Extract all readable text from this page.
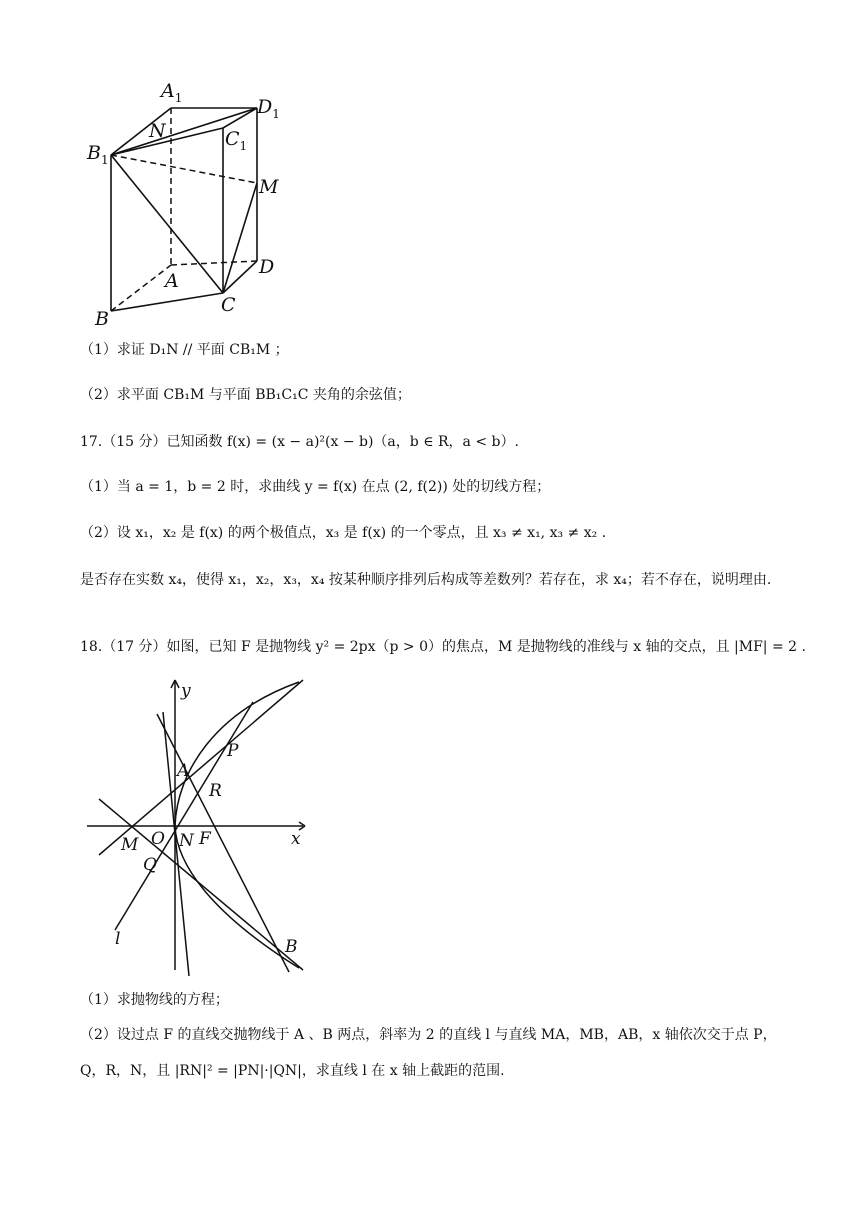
$A_1$	$D_1$
$B_1$
$C_1$
N
M
A
D
B
C
（1）求证 D₁N // 平面 CB₁M ；
（2）求平面 CB₁M 与平面 BB₁C₁C 夹角的余弦值；
17.（15 分）已知函数 f(x) = (x − a)²(x − b)（a，b ∈ R，a < b）.
（1）当 a = 1，b = 2 时，求曲线 y = f(x) 在点 (2, f(2)) 处的切线方程；
（2）设 x₁，x₂ 是 f(x) 的两个极值点，x₃ 是 f(x) 的一个零点，且 x₃ ≠ x₁, x₃ ≠ x₂ .
是否存在实数 x₄，使得 x₁，x₂，x₃，x₄ 按某种顺序排列后构成等差数列？若存在，求 x₄；若不存在，说明理由.
18.（17 分）如图，已知 F 是抛物线 y² = 2px（p > 0）的焦点，M 是抛物线的准线与 x 轴的交点，且 |MF| = 2 .
y
x
A
P
R
O N F
M
Q
l	B
（1）求抛物线的方程；
（2）设过点 F 的直线交抛物线于 A 、B 两点，斜率为 2 的直线 l 与直线 MA，MB，AB，x 轴依次交于点 P，Q，R，N，且 |RN|² = |PN|·|QN|，求直线 l 在 x 轴上截距的范围.
